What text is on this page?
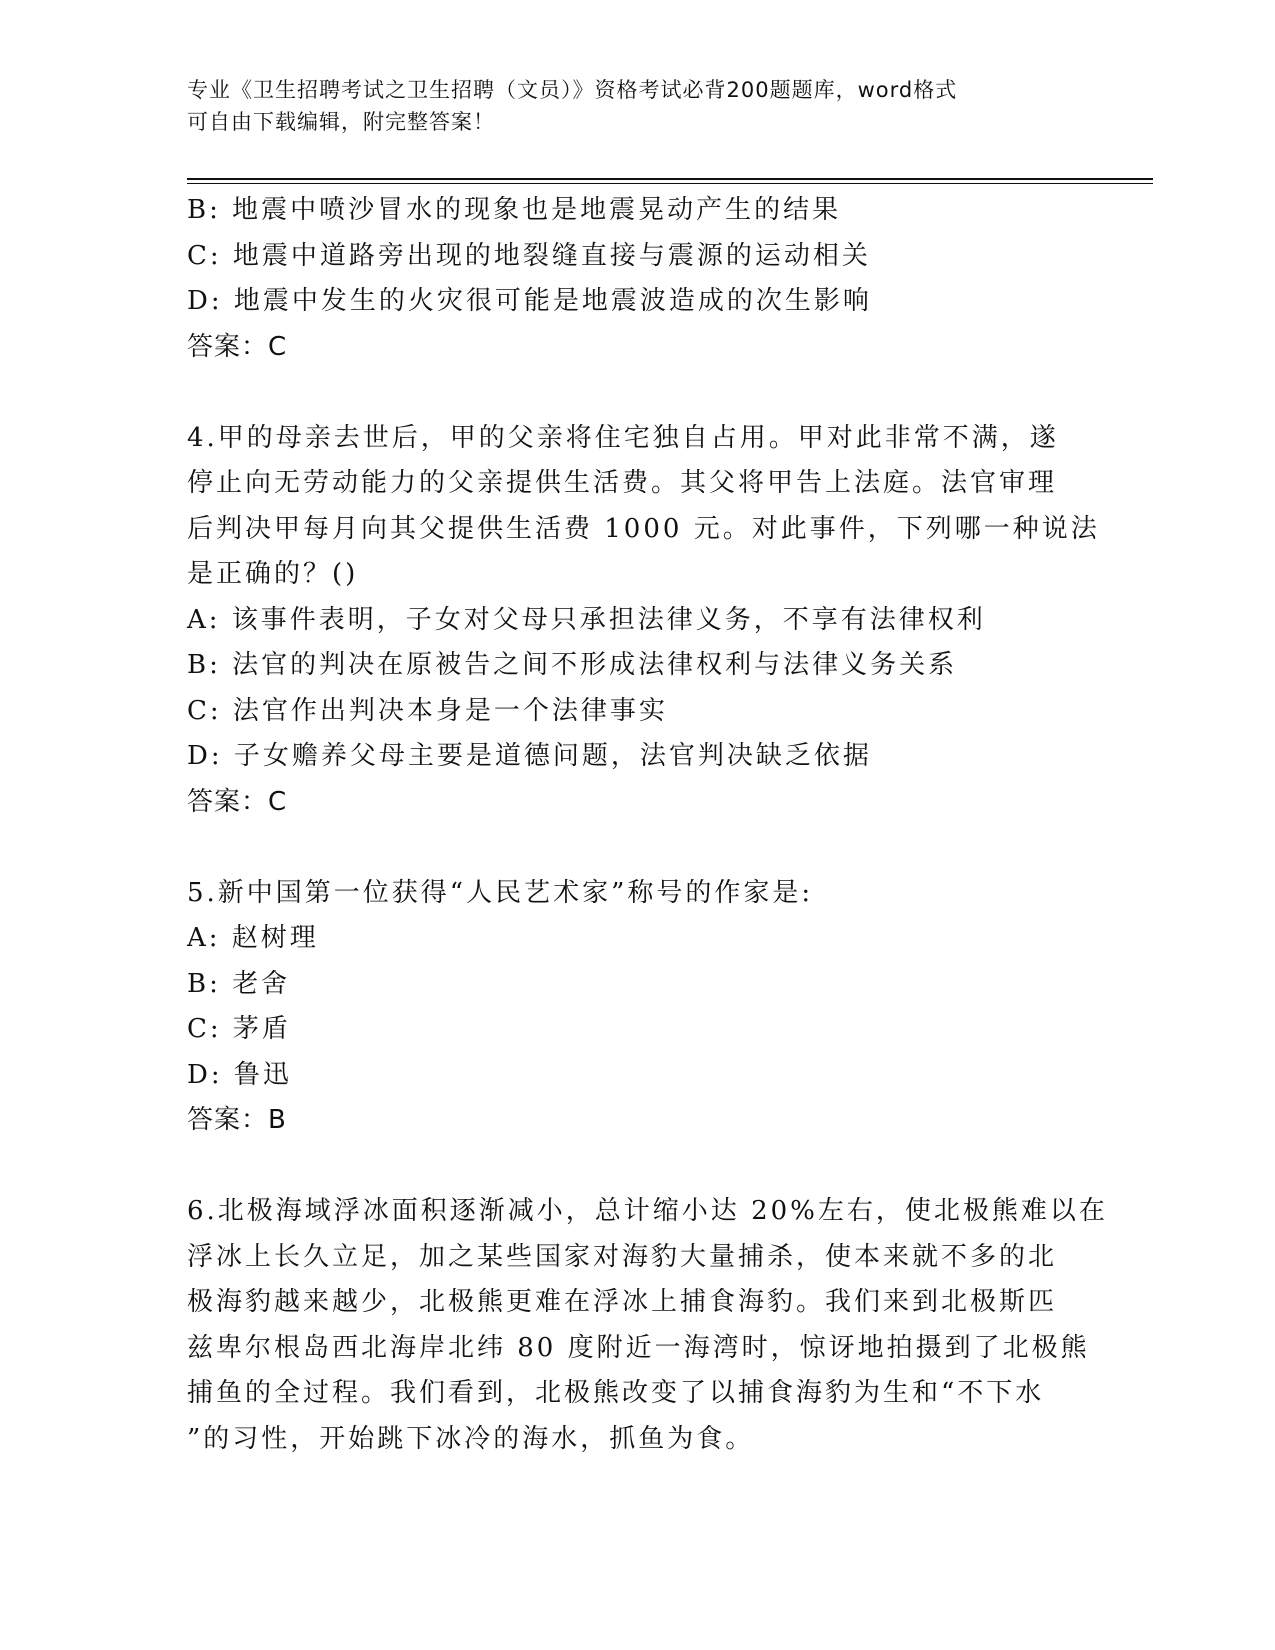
专业《卫生招聘考试之卫生招聘（文员）》资格考试必背200题题库，word格式
可自由下载编辑，附完整答案！
B: 地震中喷沙冒水的现象也是地震晃动产生的结果
C: 地震中道路旁出现的地裂缝直接与震源的运动相关
D: 地震中发生的火灾很可能是地震波造成的次生影响
答案：C
4.甲的母亲去世后，甲的父亲将住宅独自占用。甲对此非常不满，遂
停止向无劳动能力的父亲提供生活费。其父将甲告上法庭。法官审理
后判决甲每月向其父提供生活费 1000 元。对此事件，下列哪一种说法
是正确的？()
A: 该事件表明，子女对父母只承担法律义务，不享有法律权利
B: 法官的判决在原被告之间不形成法律权利与法律义务关系
C: 法官作出判决本身是一个法律事实
D: 子女赡养父母主要是道德问题，法官判决缺乏依据
答案：C
5.新中国第一位获得“人民艺术家”称号的作家是:
A: 赵树理
B: 老舍
C: 茅盾
D: 鲁迅
答案：B
6.北极海域浮冰面积逐渐减小，总计缩小达 20%左右，使北极熊难以在
浮冰上长久立足，加之某些国家对海豹大量捕杀，使本来就不多的北
极海豹越来越少，北极熊更难在浮冰上捕食海豹。我们来到北极斯匹
兹卑尔根岛西北海岸北纬 80 度附近一海湾时，惊讶地拍摄到了北极熊
捕鱼的全过程。我们看到，北极熊改变了以捕食海豹为生和“不下水
”的习性，开始跳下冰冷的海水，抓鱼为食。
